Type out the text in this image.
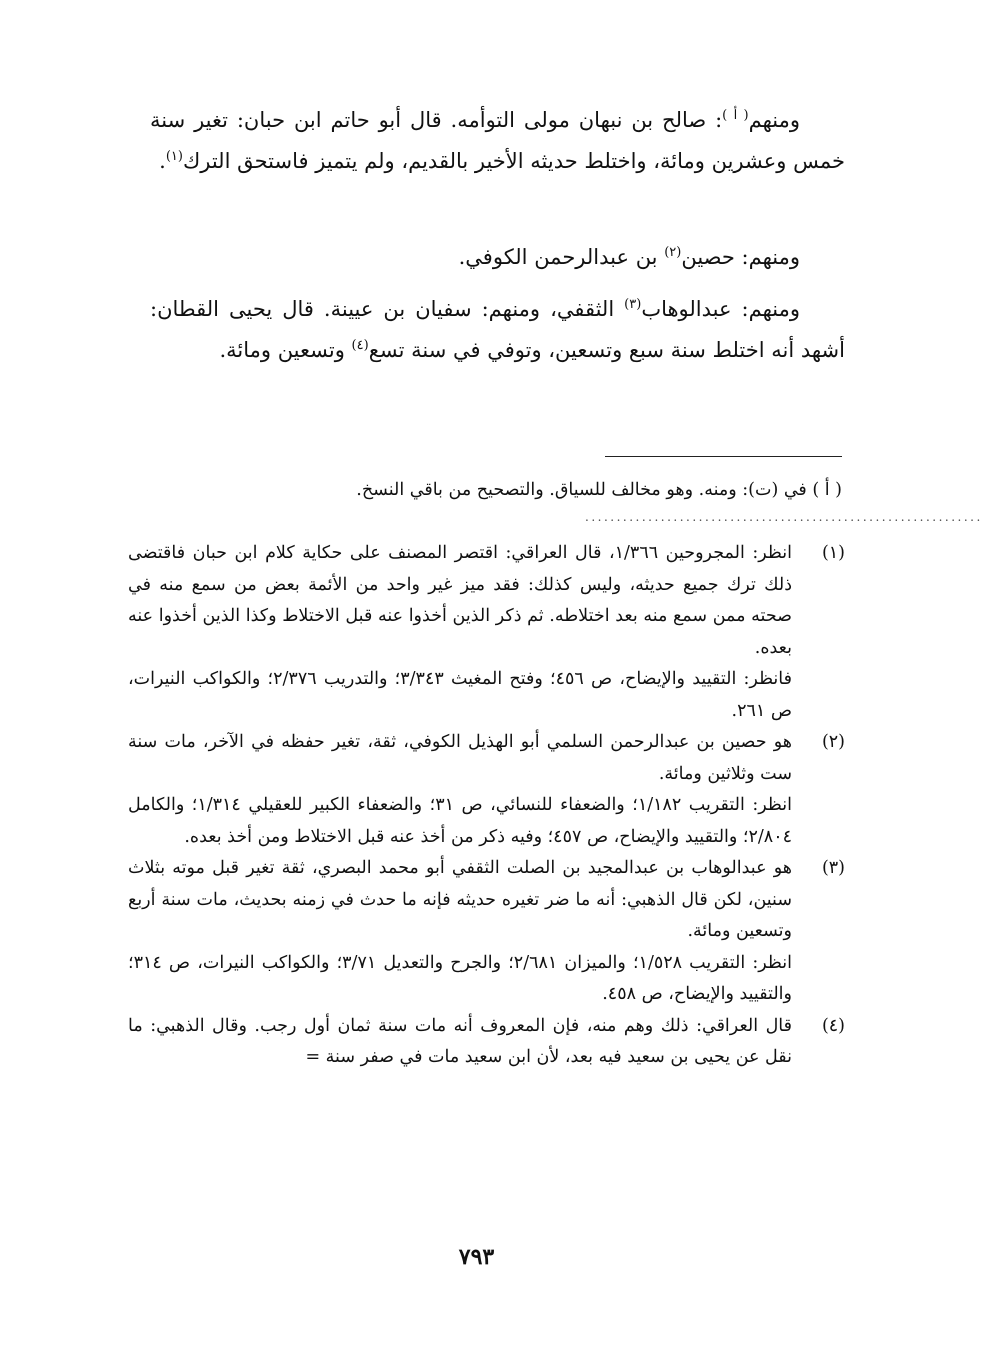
ومنهم$^{( أ )}$: صالح بن نبهان مولى التوأمه. قال أبو حاتم ابن حبان: تغير سنة خمس وعشرين ومائة، واختلط حديثه الأخير بالقديم، ولم يتميز فاستحق الترك$^{(١)}$.

ومنهم: حصين$^{(٢)}$ بن عبدالرحمن الكوفي.

ومنهم: عبدالوهاب$^{(٣)}$ الثقفي، ومنهم: سفيان بن عيينة. قال يحيى القطان: أشهد أنه اختلط سنة سبع وتسعين، وتوفي في سنة تسع$^{(٤)}$ وتسعين ومائة.

( أ ) في (ت): ومنه. وهو مخالف للسياق. والتصحيح من باقي النسخ.
...............................................................
(١)

انظر: المجروحين ١/٣٦٦، قال العراقي: اقتصر المصنف على حكاية كلام ابن حبان فاقتضى ذلك ترك جميع حديثه، وليس كذلك: فقد ميز غير واحد من الأئمة بعض من سمع منه في صحته ممن سمع منه بعد اختلاطه. ثم ذكر الذين أخذوا عنه قبل الاختلاط وكذا الذين أخذوا عنه بعده.

فانظر: التقييد والإيضاح، ص ٤٥٦؛ وفتح المغيث ٣/٣٤٣؛ والتدريب ٢/٣٧٦؛ والكواكب النيرات، ص ٢٦١.

(٢)

هو حصين بن عبدالرحمن السلمي أبو الهذيل الكوفي، ثقة، تغير حفظه في الآخر، مات سنة ست وثلاثين ومائة.

انظر: التقريب ١/١٨٢؛ والضعفاء للنسائي، ص ٣١؛ والضعفاء الكبير للعقيلي ١/٣١٤؛ والكامل ٢/٨٠٤؛ والتقييد والإيضاح، ص ٤٥٧؛ وفيه ذكر من أخذ عنه قبل الاختلاط ومن أخذ بعده.

(٣)

هو عبدالوهاب بن عبدالمجيد بن الصلت الثقفي أبو محمد البصري، ثقة تغير قبل موته بثلاث سنين، لكن قال الذهبي: أنه ما ضر تغيره حديثه فإنه ما حدث في زمنه بحديث، مات سنة أربع وتسعين ومائة.

انظر: التقريب ١/٥٢٨؛ والميزان ٢/٦٨١؛ والجرح والتعديل ٣/٧١؛ والكواكب النيرات، ص ٣١٤؛ والتقييد والإيضاح، ص ٤٥٨.

(٤)

قال العراقي: ذلك وهم منه، فإن المعروف أنه مات سنة ثمان أول رجب. وقال الذهبي: ما نقل عن يحيى بن سعيد فيه بعد، لأن ابن سعيد مات في صفر سنة =

٧٩٣
